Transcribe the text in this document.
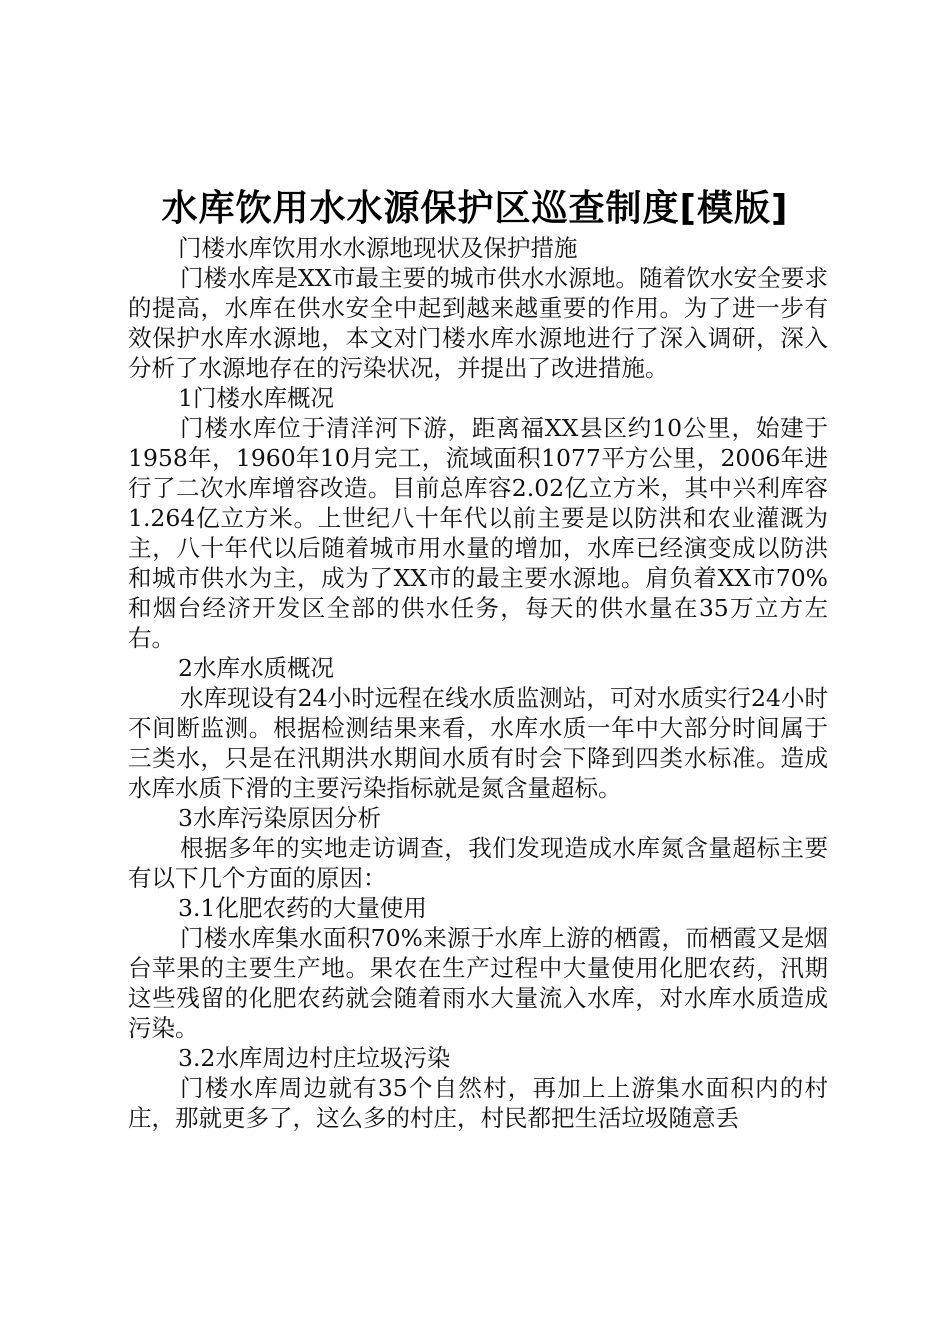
水库饮用水水源保护区巡查制度[模版]

门楼水库饮用水水源地现状及保护措施

门楼水库是XX市最主要的城市供水水源地。随着饮水安全要求的提高，水库在供水安全中起到越来越重要的作用。为了进一步有效保护水库水源地，本文对门楼水库水源地进行了深入调研，深入分析了水源地存在的污染状况，并提出了改进措施。

1门楼水库概况

门楼水库位于清洋河下游，距离福XX县区约10公里，始建于1958年，1960年10月完工，流域面积1077平方公里，2006年进行了二次水库增容改造。目前总库容2.02亿立方米，其中兴利库容1.264亿立方米。上世纪八十年代以前主要是以防洪和农业灌溉为主，八十年代以后随着城市用水量的增加，水库已经演变成以防洪和城市供水为主，成为了XX市的最主要水源地。肩负着XX市70%和烟台经济开发区全部的供水任务，每天的供水量在35万立方左右。

2水库水质概况

水库现设有24小时远程在线水质监测站，可对水质实行24小时不间断监测。根据检测结果来看，水库水质一年中大部分时间属于三类水，只是在汛期洪水期间水质有时会下降到四类水标准。造成水库水质下滑的主要污染指标就是氮含量超标。

3水库污染原因分析

根据多年的实地走访调查，我们发现造成水库氮含量超标主要有以下几个方面的原因：

3.1化肥农药的大量使用

门楼水库集水面积70%来源于水库上游的栖霞，而栖霞又是烟台苹果的主要生产地。果农在生产过程中大量使用化肥农药，汛期这些残留的化肥农药就会随着雨水大量流入水库，对水库水质造成污染。

3.2水库周边村庄垃圾污染

门楼水库周边就有35个自然村，再加上上游集水面积内的村庄，那就更多了，这么多的村庄，村民都把生活垃圾随意丢
